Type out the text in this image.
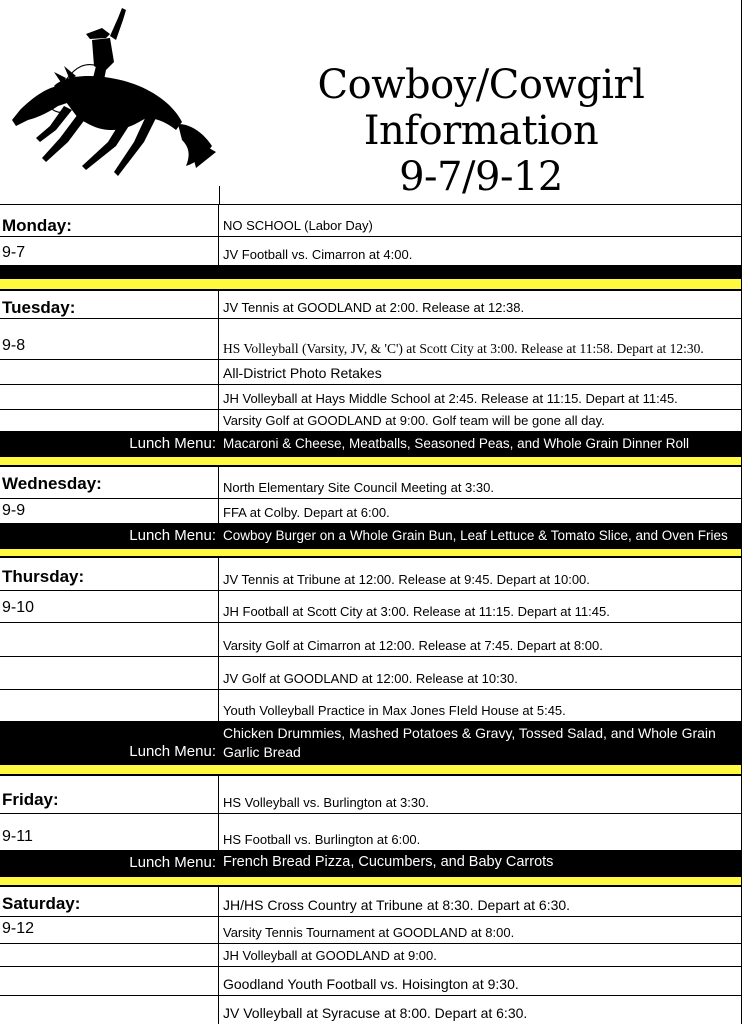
Cowboy/Cowgirl
Information
9-7/9-12
Monday:	NO SCHOOL (Labor Day)
9-7	JV Football vs. Cimarron at 4:00.
Tuesday:	JV Tennis at GOODLAND at 2:00. Release at 12:38.
9-8	HS Volleyball (Varsity, JV, & 'C') at Scott City at 3:00. Release at 11:58. Depart at 12:30.
All-District Photo Retakes
JH Volleyball at Hays Middle School at 2:45. Release at 11:15. Depart at 11:45.
Varsity Golf at GOODLAND at 9:00. Golf team will be gone all day.
Lunch Menu: Macaroni & Cheese, Meatballs, Seasoned Peas, and Whole Grain Dinner Roll
Wednesday:	North Elementary Site Council Meeting at 3:30.
9-9	FFA at Colby. Depart at 6:00.
Lunch Menu: Cowboy Burger on a Whole Grain Bun, Leaf Lettuce & Tomato Slice, and Oven Fries
Thursday:	JV Tennis at Tribune at 12:00. Release at 9:45. Depart at 10:00.
9-10	JH Football at Scott City at 3:00. Release at 11:15. Depart at 11:45.
Varsity Golf at Cimarron at 12:00. Release at 7:45. Depart at 8:00.
JV Golf at GOODLAND at 12:00. Release at 10:30.
Youth Volleyball Practice in Max Jones FIeld House at 5:45.
Lunch Menu:
Chicken Drummies, Mashed Potatoes & Gravy, Tossed Salad, and Whole Grain Garlic Bread
Friday:	HS Volleyball vs. Burlington at 3:30.
9-11	HS Football vs. Burlington at 6:00.
Lunch Menu: French Bread Pizza, Cucumbers, and Baby Carrots
Saturday:	JH/HS Cross Country at Tribune at 8:30. Depart at 6:30.
9-12	Varsity Tennis Tournament at GOODLAND at 8:00.
JH Volleyball at GOODLAND at 9:00.
Goodland Youth Football vs. Hoisington at 9:30.
JV Volleyball at Syracuse at 8:00. Depart at 6:30.
